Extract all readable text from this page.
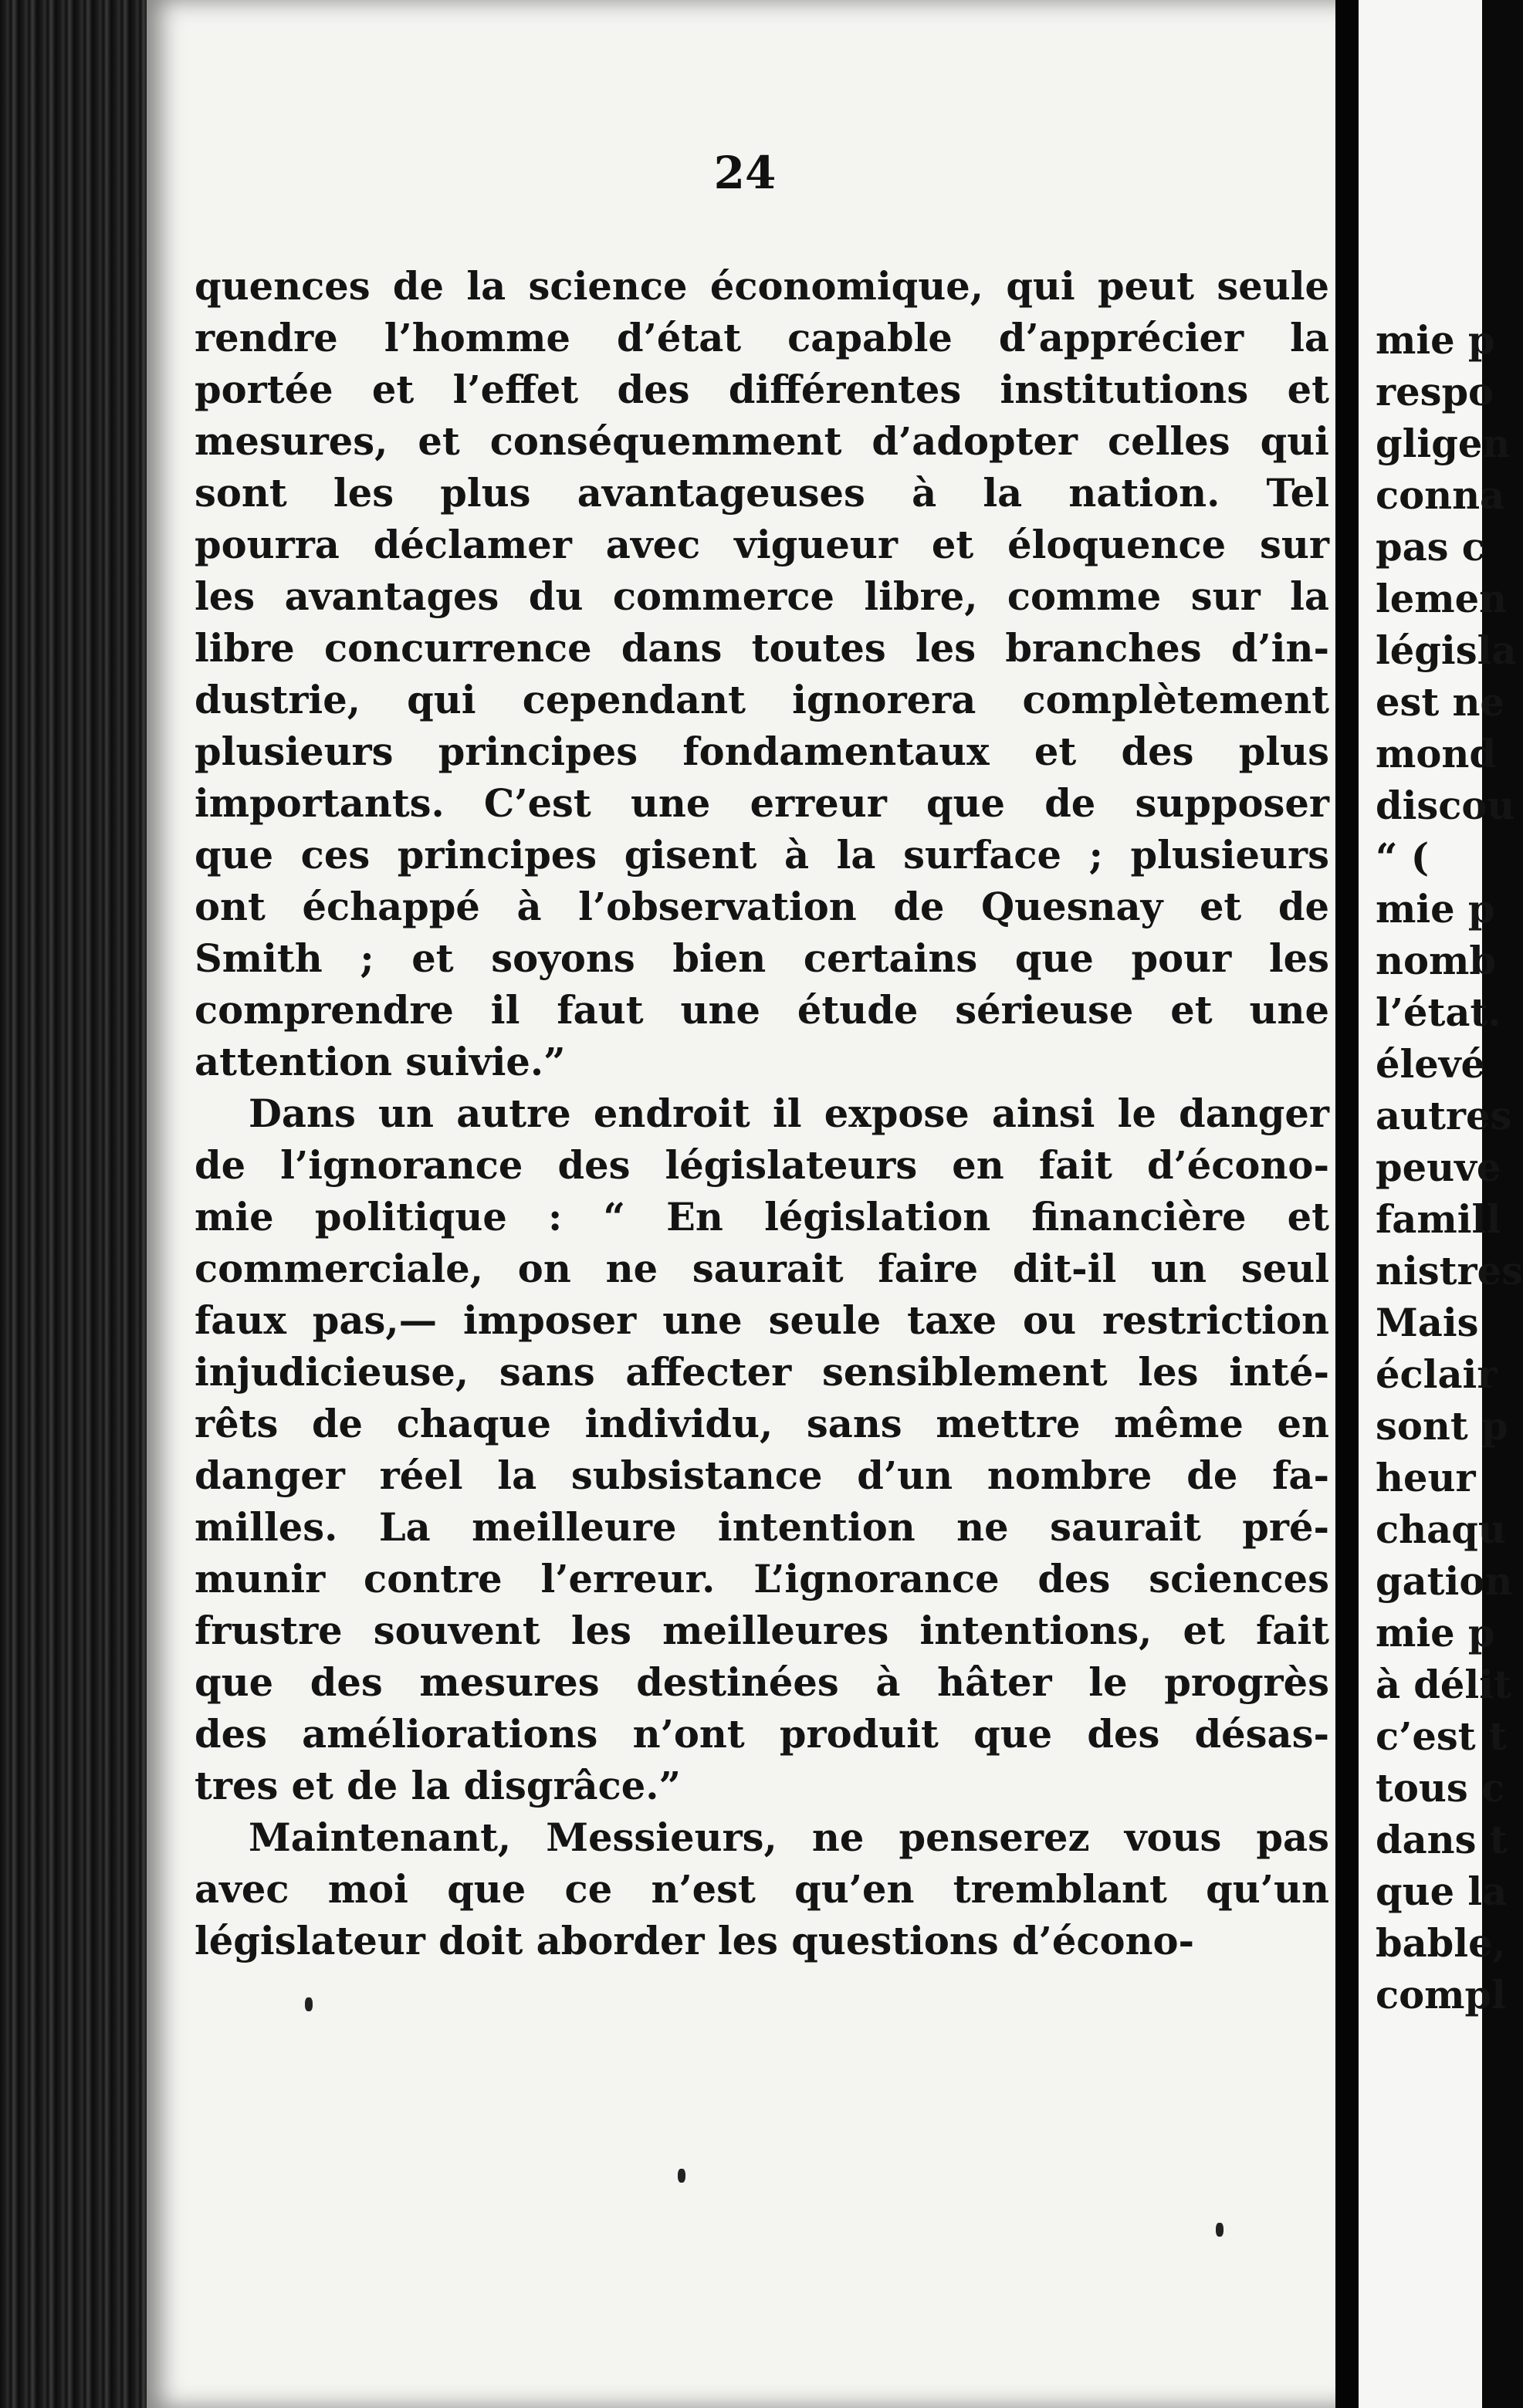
24
quences de la science économique, qui peut seule
rendre l’homme d’état capable d’apprécier la
portée et l’effet des différentes institutions et
mesures, et conséquemment d’adopter celles qui
sont les plus avantageuses à la nation. Tel
pourra déclamer avec vigueur et éloquence sur
les avantages du commerce libre, comme sur la
libre concurrence dans toutes les branches d’in-
dustrie, qui cependant ignorera complètement
plusieurs principes fondamentaux et des plus
importants. C’est une erreur que de supposer
que ces principes gisent à la surface ; plusieurs
ont échappé à l’observation de Quesnay et de
Smith ; et soyons bien certains que pour les
comprendre il faut une étude sérieuse et une
attention suivie.”
Dans un autre endroit il expose ainsi le danger
de l’ignorance des législateurs en fait d’écono-
mie politique : “ En législation financière et
commerciale, on ne saurait faire dit-il un seul
faux pas,— imposer une seule taxe ou restriction
injudicieuse, sans affecter sensiblement les inté-
rêts de chaque individu, sans mettre même en
danger réel la subsistance d’un nombre de fa-
milles. La meilleure intention ne saurait pré-
munir contre l’erreur. L’ignorance des sciences
frustre souvent les meilleures intentions, et fait
que des mesures destinées à hâter le progrès
des améliorations n’ont produit que des désas-
tres et de la disgrâce.”
Maintenant, Messieurs, ne penserez vous pas
avec moi que ce n’est qu’en tremblant qu’un
législateur doit aborder les questions d’écono-
mie p
respo
gligen
conna
pas c
lemen
législa
est ne
mond
discou
“ (
mie p
nomb
l’état.
élevé
autres
peuve
famill
nistres
Mais
éclair
sont p
heur
chaqu
gation
mie p
à délit
c’est t
tous c
dans t
que la
bable,
compl
